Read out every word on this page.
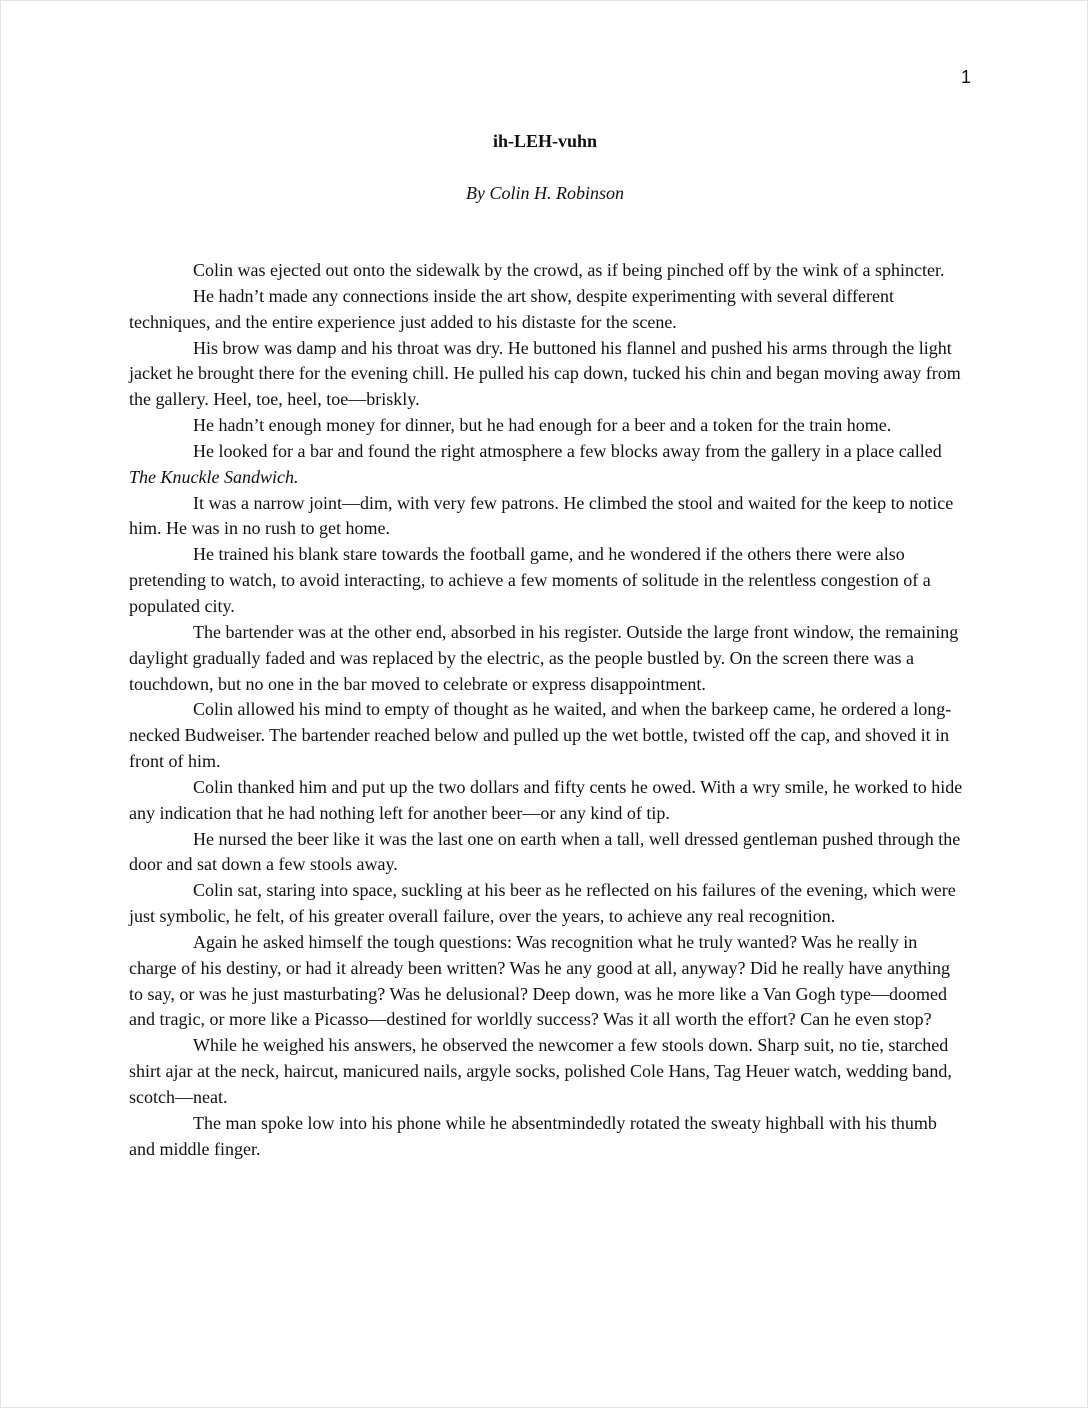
1
ih-LEH-vuhn
By Colin H. Robinson

Colin was ejected out onto the sidewalk by the crowd, as if being pinched off by the wink of a sphincter.

He hadn’t made any connections inside the art show, despite experimenting with several different techniques, and the entire experience just added to his distaste for the scene.

His brow was damp and his throat was dry. He buttoned his flannel and pushed his arms through the light jacket he brought there for the evening chill. He pulled his cap down, tucked his chin and began moving away from the gallery. Heel, toe, heel, toe—briskly.

He hadn’t enough money for dinner, but he had enough for a beer and a token for the train home.

He looked for a bar and found the right atmosphere a few blocks away from the gallery in a place called The Knuckle Sandwich.

It was a narrow joint—dim, with very few patrons. He climbed the stool and waited for the keep to notice him. He was in no rush to get home.

He trained his blank stare towards the football game, and he wondered if the others there were also pretending to watch, to avoid interacting, to achieve a few moments of solitude in the relentless congestion of a populated city.

The bartender was at the other end, absorbed in his register. Outside the large front window, the remaining daylight gradually faded and was replaced by the electric, as the people bustled by. On the screen there was a touchdown, but no one in the bar moved to celebrate or express disappointment.

Colin allowed his mind to empty of thought as he waited, and when the barkeep came, he ordered a long-necked Budweiser. The bartender reached below and pulled up the wet bottle, twisted off the cap, and shoved it in front of him.

Colin thanked him and put up the two dollars and fifty cents he owed. With a wry smile, he worked to hide any indication that he had nothing left for another beer—or any kind of tip.

He nursed the beer like it was the last one on earth when a tall, well dressed gentleman pushed through the door and sat down a few stools away.

Colin sat, staring into space, suckling at his beer as he reflected on his failures of the evening, which were just symbolic, he felt, of his greater overall failure, over the years, to achieve any real recognition.

Again he asked himself the tough questions: Was recognition what he truly wanted? Was he really in charge of his destiny, or had it already been written? Was he any good at all, anyway? Did he really have anything to say, or was he just masturbating? Was he delusional? Deep down, was he more like a Van Gogh type—doomed and tragic, or more like a Picasso—destined for worldly success? Was it all worth the effort? Can he even stop?

While he weighed his answers, he observed the newcomer a few stools down. Sharp suit, no tie, starched shirt ajar at the neck, haircut, manicured nails, argyle socks, polished Cole Hans, Tag Heuer watch, wedding band, scotch—neat.

The man spoke low into his phone while he absentmindedly rotated the sweaty highball with his thumb and middle finger.
